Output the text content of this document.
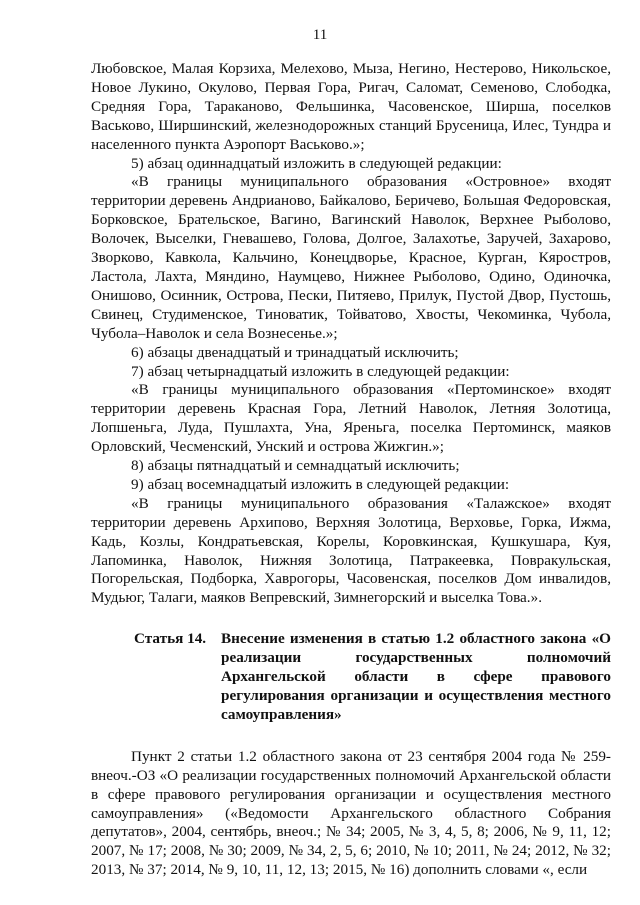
11

Любовское, Малая Корзиха, Мелехово, Мыза, Негино, Нестерово, Никольское, Новое Лукино, Окулово, Первая Гора, Ригач, Саломат, Семеново, Слободка, Средняя Гора, Тараканово, Фельшинка, Часовенское, Ширша, поселков Васьково, Ширшинский, железнодорожных станций Брусеница, Илес, Тундра и населенного пункта Аэропорт Васьково.»;

5) абзац одиннадцатый изложить в следующей редакции:

«В границы муниципального образования «Островное» входят территории деревень Андрианово, Байкалово, Беричево, Большая Федоровская, Борковское, Брательское, Вагино, Вагинский Наволок, Верхнее Рыболово, Волочек, Выселки, Гневашево, Голова, Долгое, Залахотье, Заручей, Захарово, Зворково, Кавкола, Кальчино, Конецдворье, Красное, Курган, Кяростров, Ластола, Лахта, Мяндино, Наумцево, Нижнее Рыболово, Одино, Одиночка, Онишово, Осинник, Острова, Пески, Питяево, Прилук, Пустой Двор, Пустошь, Свинец, Студименское, Тиноватик, Тойватово, Хвосты, Чекоминка, Чубола, Чубола–Наволок и села Вознесенье.»;

6) абзацы двенадцатый и тринадцатый исключить;

7) абзац четырнадцатый изложить в следующей редакции:

«В границы муниципального образования «Пертоминское» входят территории деревень Красная Гора, Летний Наволок, Летняя Золотица, Лопшеньга, Луда, Пушлахта, Уна, Яреньга, поселка Пертоминск, маяков Орловский, Чесменский, Унский и острова Жижгин.»;

8) абзацы пятнадцатый и семнадцатый исключить;

9) абзац восемнадцатый изложить в следующей редакции:

«В границы муниципального образования «Талажское» входят территории деревень Архипово, Верхняя Золотица, Верховье, Горка, Ижма, Кадь, Козлы, Кондратьевская, Корелы, Коровкинская, Кушкушара, Куя, Лапоминка, Наволок, Нижняя Золотица, Патракеевка, Повракульская, Погорельская, Подборка, Хаврогоры, Часовенская, поселков Дом инвалидов, Мудьюг, Талаги, маяков Вепревский, Зимнегорский и выселка Това.».

Статья 14. Внесение изменения в статью 1.2 областного закона «О реализации государственных полномочий Архангельской области в сфере правового регулирования организации и осуществления местного самоуправления»

Пункт 2 статьи 1.2 областного закона от 23 сентября 2004 года № 259-внеоч.-ОЗ «О реализации государственных полномочий Архангельской области в сфере правового регулирования организации и осуществления местного самоуправления» («Ведомости Архангельского областного Собрания депутатов», 2004, сентябрь, внеоч.; № 34; 2005, № 3, 4, 5, 8; 2006, № 9, 11, 12; 2007, № 17; 2008, № 30; 2009, № 34, 2, 5, 6; 2010, № 10; 2011, № 24; 2012, № 32; 2013, № 37; 2014, № 9, 10, 11, 12, 13; 2015, № 16) дополнить словами «, если
